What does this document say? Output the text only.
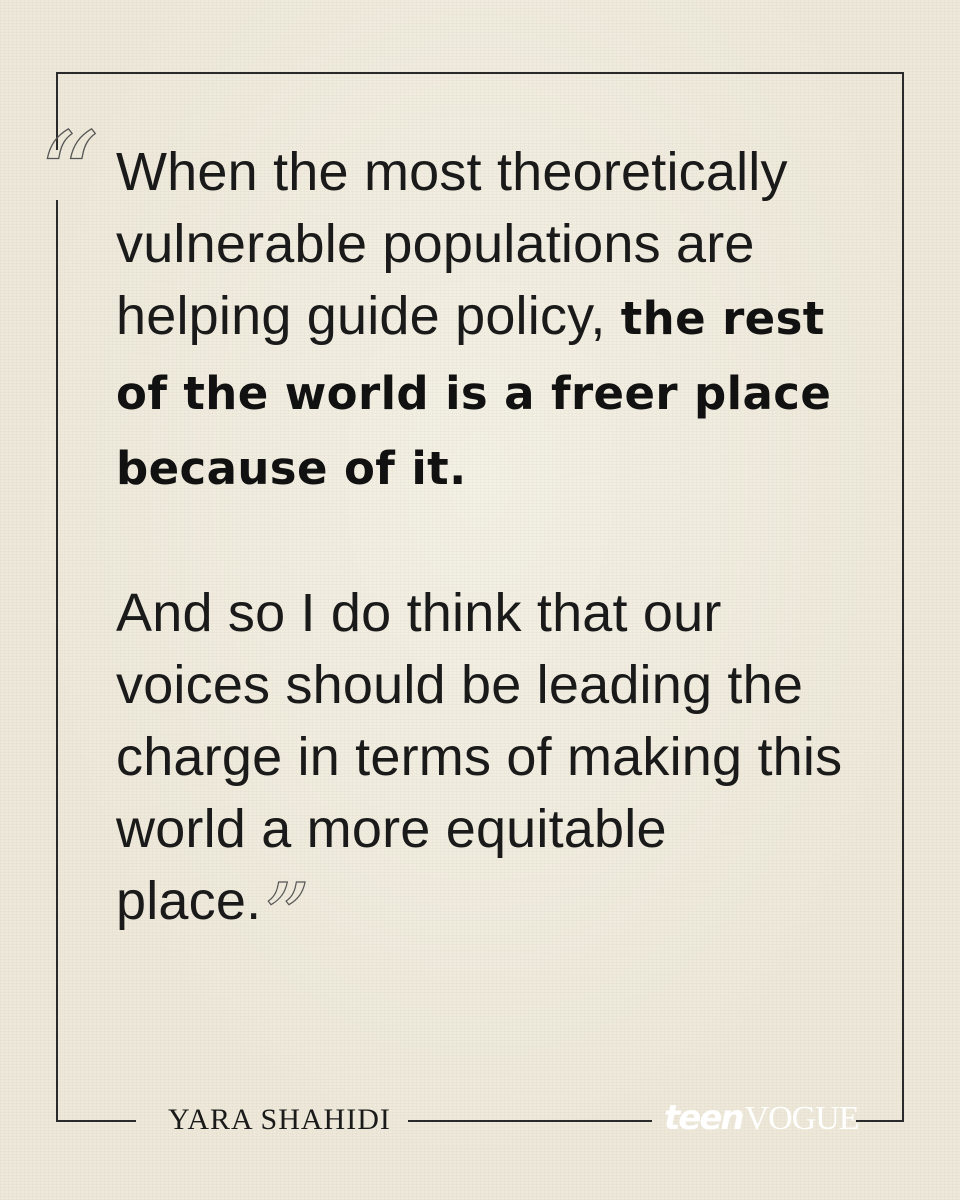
“ When the most theoretically vulnerable populations are helping guide policy, the rest of the world is a freer place because of it.

And so I do think that our voices should be leading the charge in terms of making this world a more equitable place.”

YARA SHAHIDI	teen VOGUE
